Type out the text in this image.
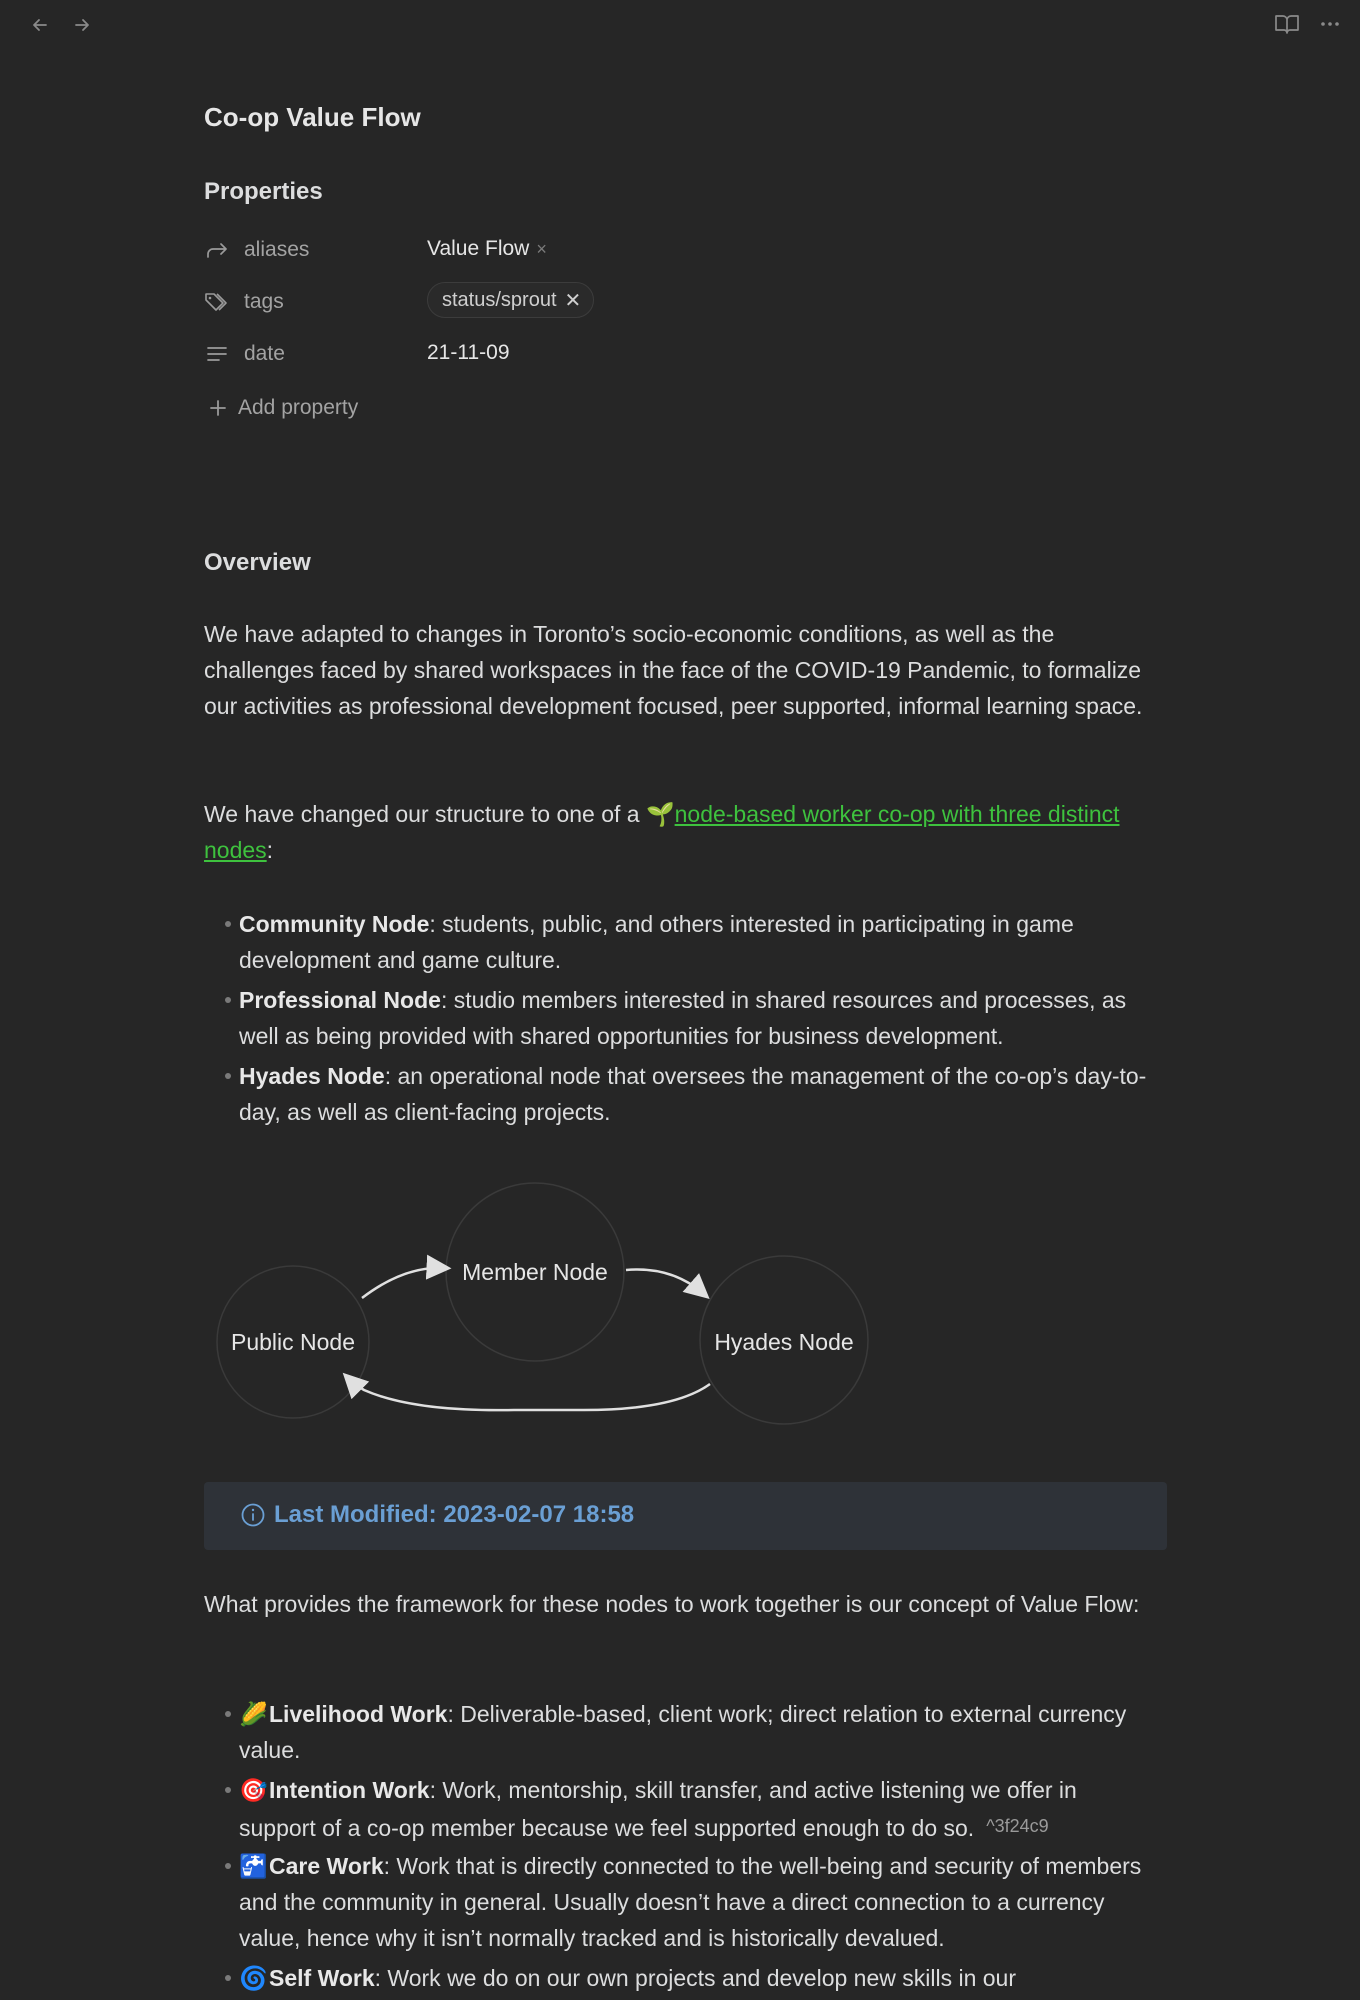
Co-op Value Flow
Properties
aliases	Value Flow ×
tags	status/sprout ✕
date	21-11-09
Add property
Overview
We have adapted to changes in Toronto’s socio-economic conditions, as well as the challenges faced by shared workspaces in the face of the COVID-19 Pandemic, to formalize our activities as professional development focused, peer supported, informal learning space.
We have changed our structure to one of a 🌱node-based worker co-op with three distinct nodes:
Community Node: students, public, and others interested in participating in game development and game culture.
Professional Node: studio members interested in shared resources and processes, as well as being provided with shared opportunities for business development.
Hyades Node: an operational node that oversees the management of the co-op’s day-to-day, as well as client-facing projects.
Public Node
Member Node
Hyades Node
Last Modified: 2023-02-07 18:58
What provides the framework for these nodes to work together is our concept of Value Flow:
🌽Livelihood Work: Deliverable-based, client work; direct relation to external currency value.
🎯Intention Work: Work, mentorship, skill transfer, and active listening we offer in support of a co-op member because we feel supported enough to do so. ^3f24c9
🚰Care Work: Work that is directly connected to the well-being and security of members and the community in general. Usually doesn’t have a direct connection to a currency value, hence why it isn’t normally tracked and is historically devalued.
🌀Self Work: Work we do on our own projects and develop new skills in our
